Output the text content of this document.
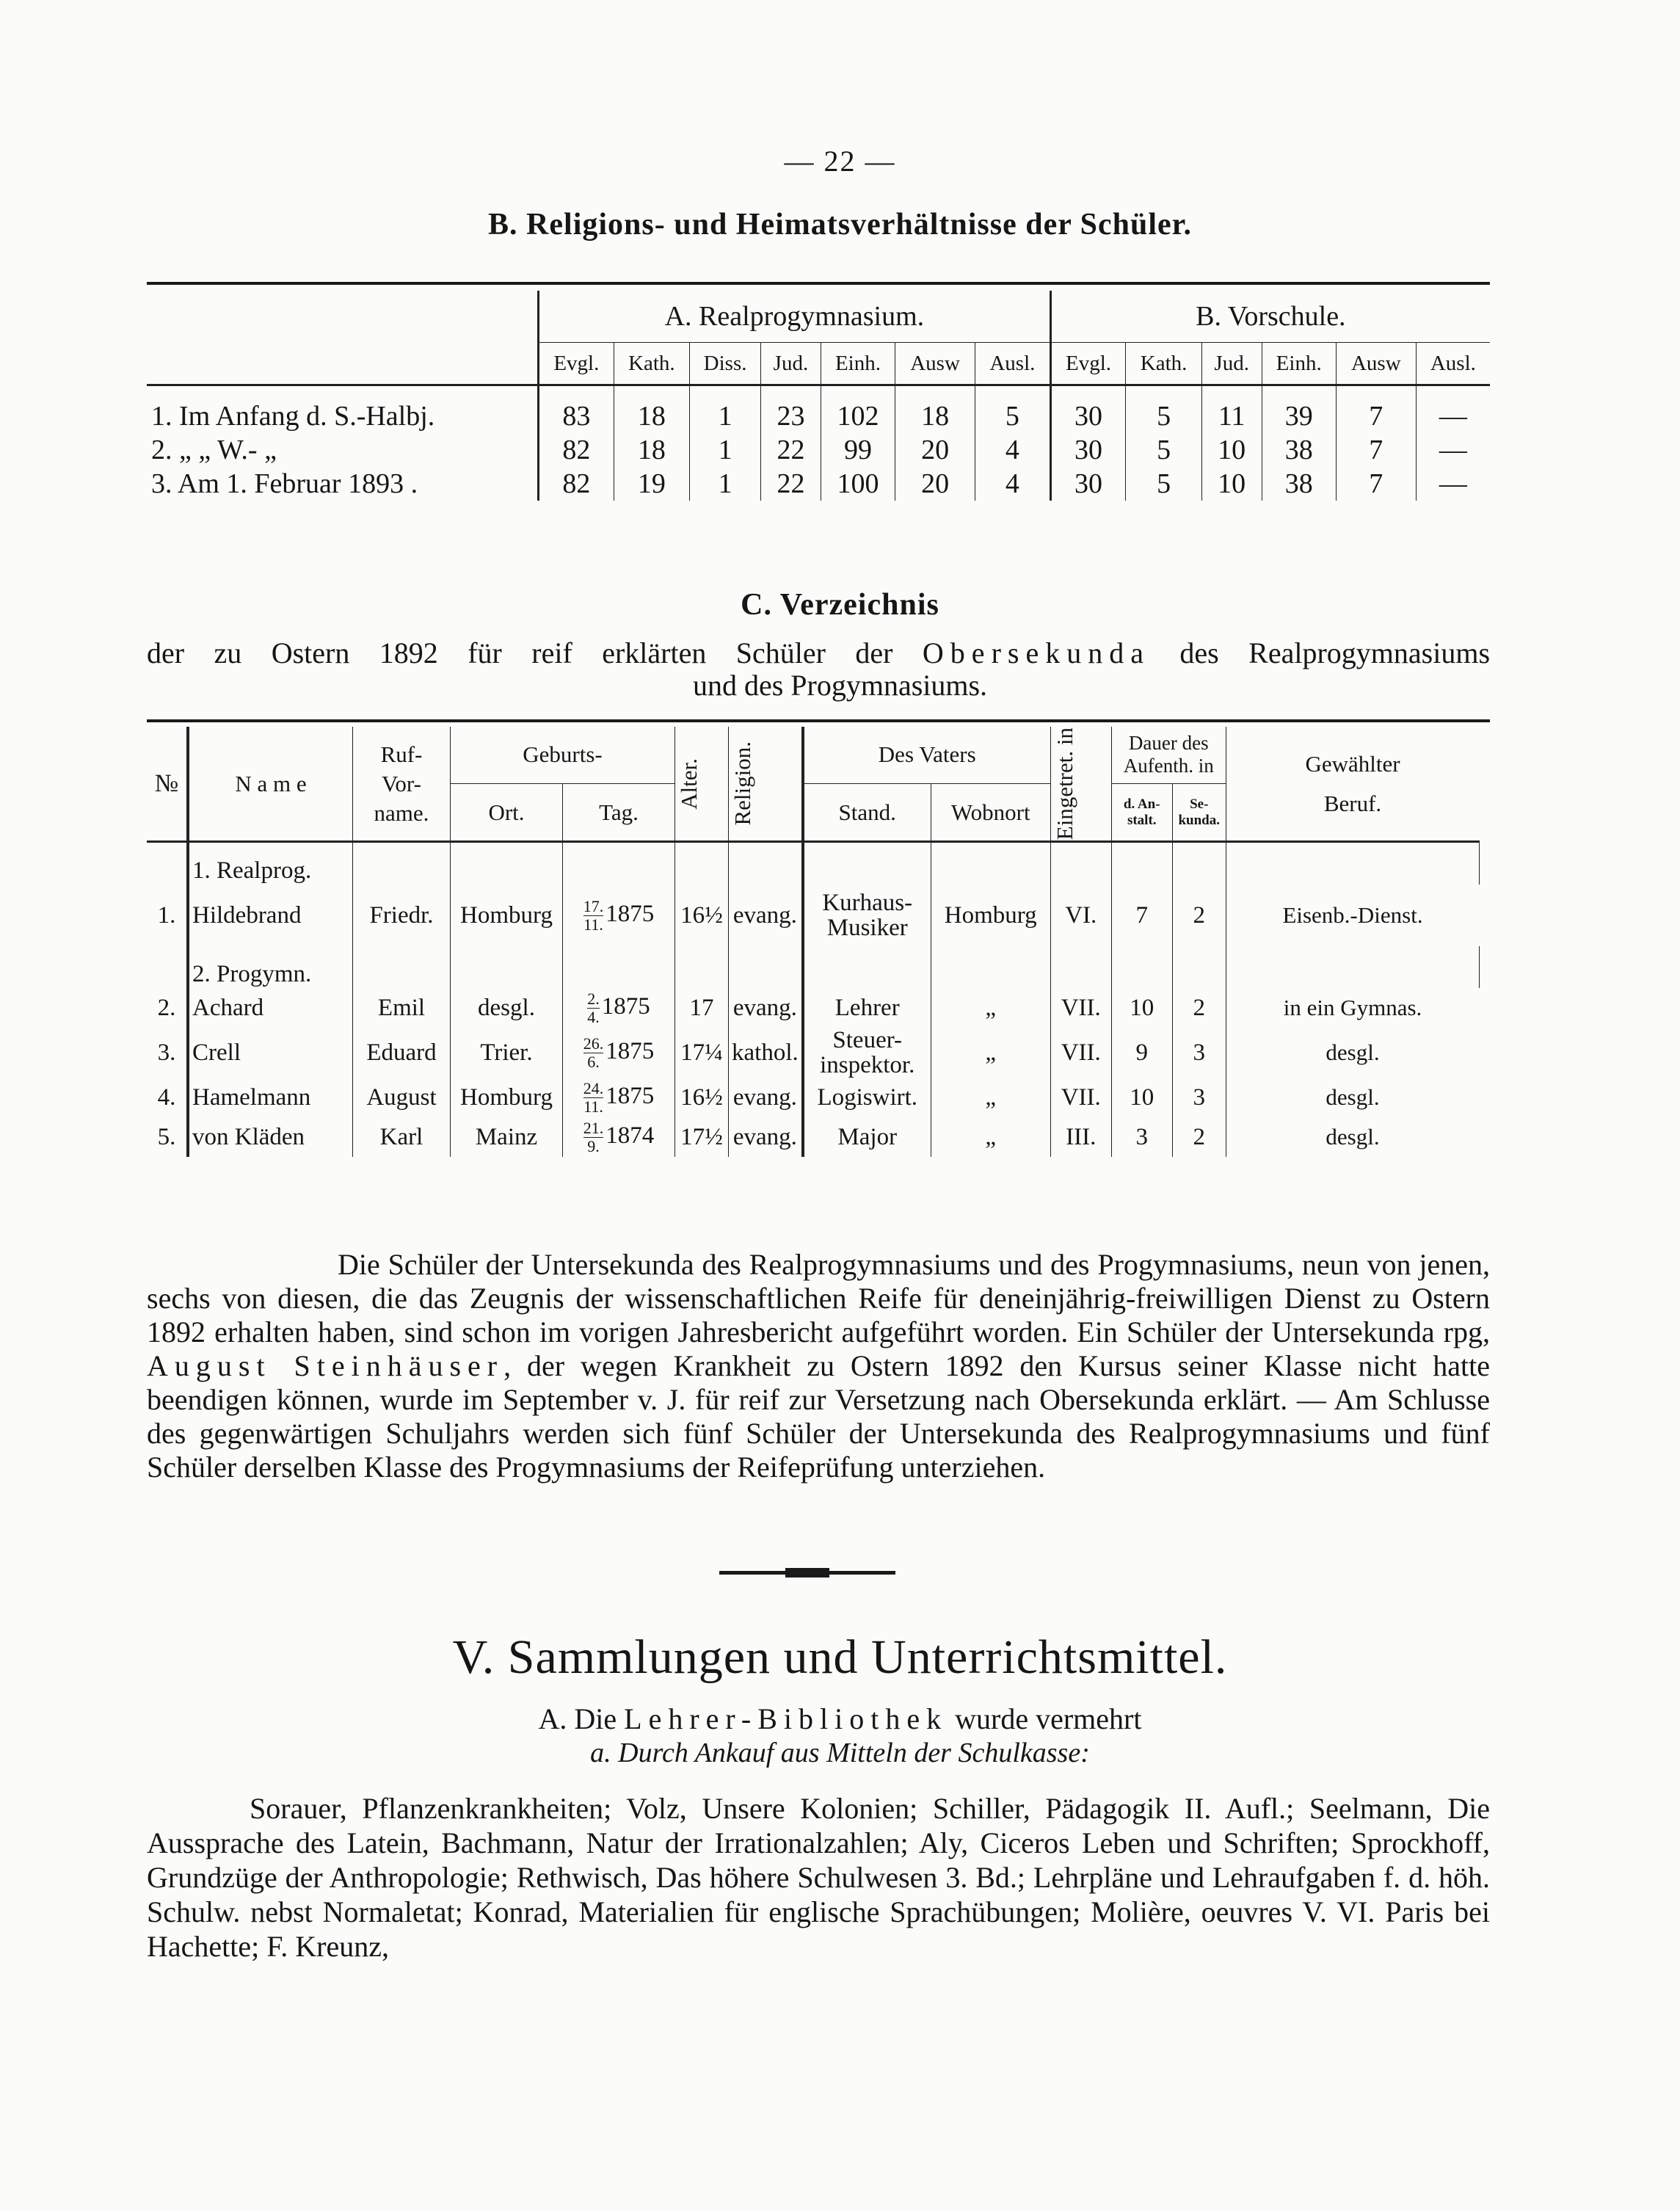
— 22 —
B. Religions- und Heimatsverhältnisse der Schüler.
	A. Realprogymnasium.							B. Vorschule.					
	Evgl.	Kath.	Diss.	Jud.	Einh.	Ausw	Ausl.	Evgl.	Kath.	Jud.	Einh.	Ausw	Ausl.
1. Im Anfang d. S.-Halbj.	83	18	1	23	102	18	5	30	5	11	39	7	—
2. „ „ W.- „	82	18	1	22	99	20	4	30	5	10	38	7	—
3. Am 1. Februar 1893 .	82	19	1	22	100	20	4	30	5	10	38	7	—
C. Verzeichnis
der zu Ostern 1892 für reif erklärten Schüler der Obersekunda des Realprogymnasiums
und des Progymnasiums.
№	N a m e	Ruf-
Vor-
name.	Geburts-		Alter.	Religion.	Des Vaters		Eingetret. in	Dauer des Aufenth. in		Gewählter
Beruf.	
			Ort.	Tag.			Stand.	Wobnort		d. An- stalt.	Se- kunda.		
	1. Realprog.												
1.	Hildebrand	Friedr.	Homburg	$\frac{17.}{11.} 1875$	16½	evang.	Kurhaus- Musiker	Homburg	VI.	7	2	Eisenb.-Dienst.	
	2. Progymn.												
2.	Achard	Emil	desgl.	$\frac{2.}{4.} 1875$	17	evang.	Lehrer	„	VII.	10	2	in ein Gymnas.	
3.	Crell	Eduard	Trier.	$\frac{26.}{6.} 1875$	17¼	kathol.	Steuer- inspektor.	„	VII.	9	3	desgl.	
4.	Hamelmann	August	Homburg	$\frac{24.}{11.} 1875$	16½	evang.	Logiswirt.	„	VII.	10	3	desgl.	
5.	von Kläden	Karl	Mainz	$\frac{21.}{9.} 1874$	17½	evang.	Major	„	III.	3	2	desgl.	
Die Schüler der Untersekunda des Realprogymnasiums und des Progymnasiums, neun von jenen, sechs von diesen, die das Zeugnis der wissenschaftlichen Reife für deneinjährig-freiwilligen Dienst zu Ostern 1892 erhalten haben, sind schon im vorigen Jahresbericht aufgeführt worden. Ein Schüler der Untersekunda rpg, August Steinhäuser, der wegen Krankheit zu Ostern 1892 den Kursus seiner Klasse nicht hatte beendigen können, wurde im September v. J. für reif zur Versetzung nach Obersekunda erklärt. — Am Schlusse des gegenwärtigen Schuljahrs werden sich fünf Schüler der Untersekunda des Realprogymnasiums und fünf Schüler derselben Klasse des Progymnasiums der Reifeprüfung unterziehen.
V. Sammlungen und Unterrichtsmittel.
A. Die Lehrer-Bibliothek wurde vermehrt
a. Durch Ankauf aus Mitteln der Schulkasse:
Sorauer, Pflanzenkrankheiten; Volz, Unsere Kolonien; Schiller, Pädagogik II. Aufl.; Seelmann, Die Aussprache des Latein, Bachmann, Natur der Irrationalzahlen; Aly, Ciceros Leben und Schriften; Sprockhoff, Grundzüge der Anthropologie; Rethwisch, Das höhere Schulwesen 3. Bd.; Lehrpläne und Lehraufgaben f. d. höh. Schulw. nebst Normaletat; Konrad, Materialien für englische Sprachübungen; Molière, oeuvres V. VI. Paris bei Hachette; F. Kreunz,
